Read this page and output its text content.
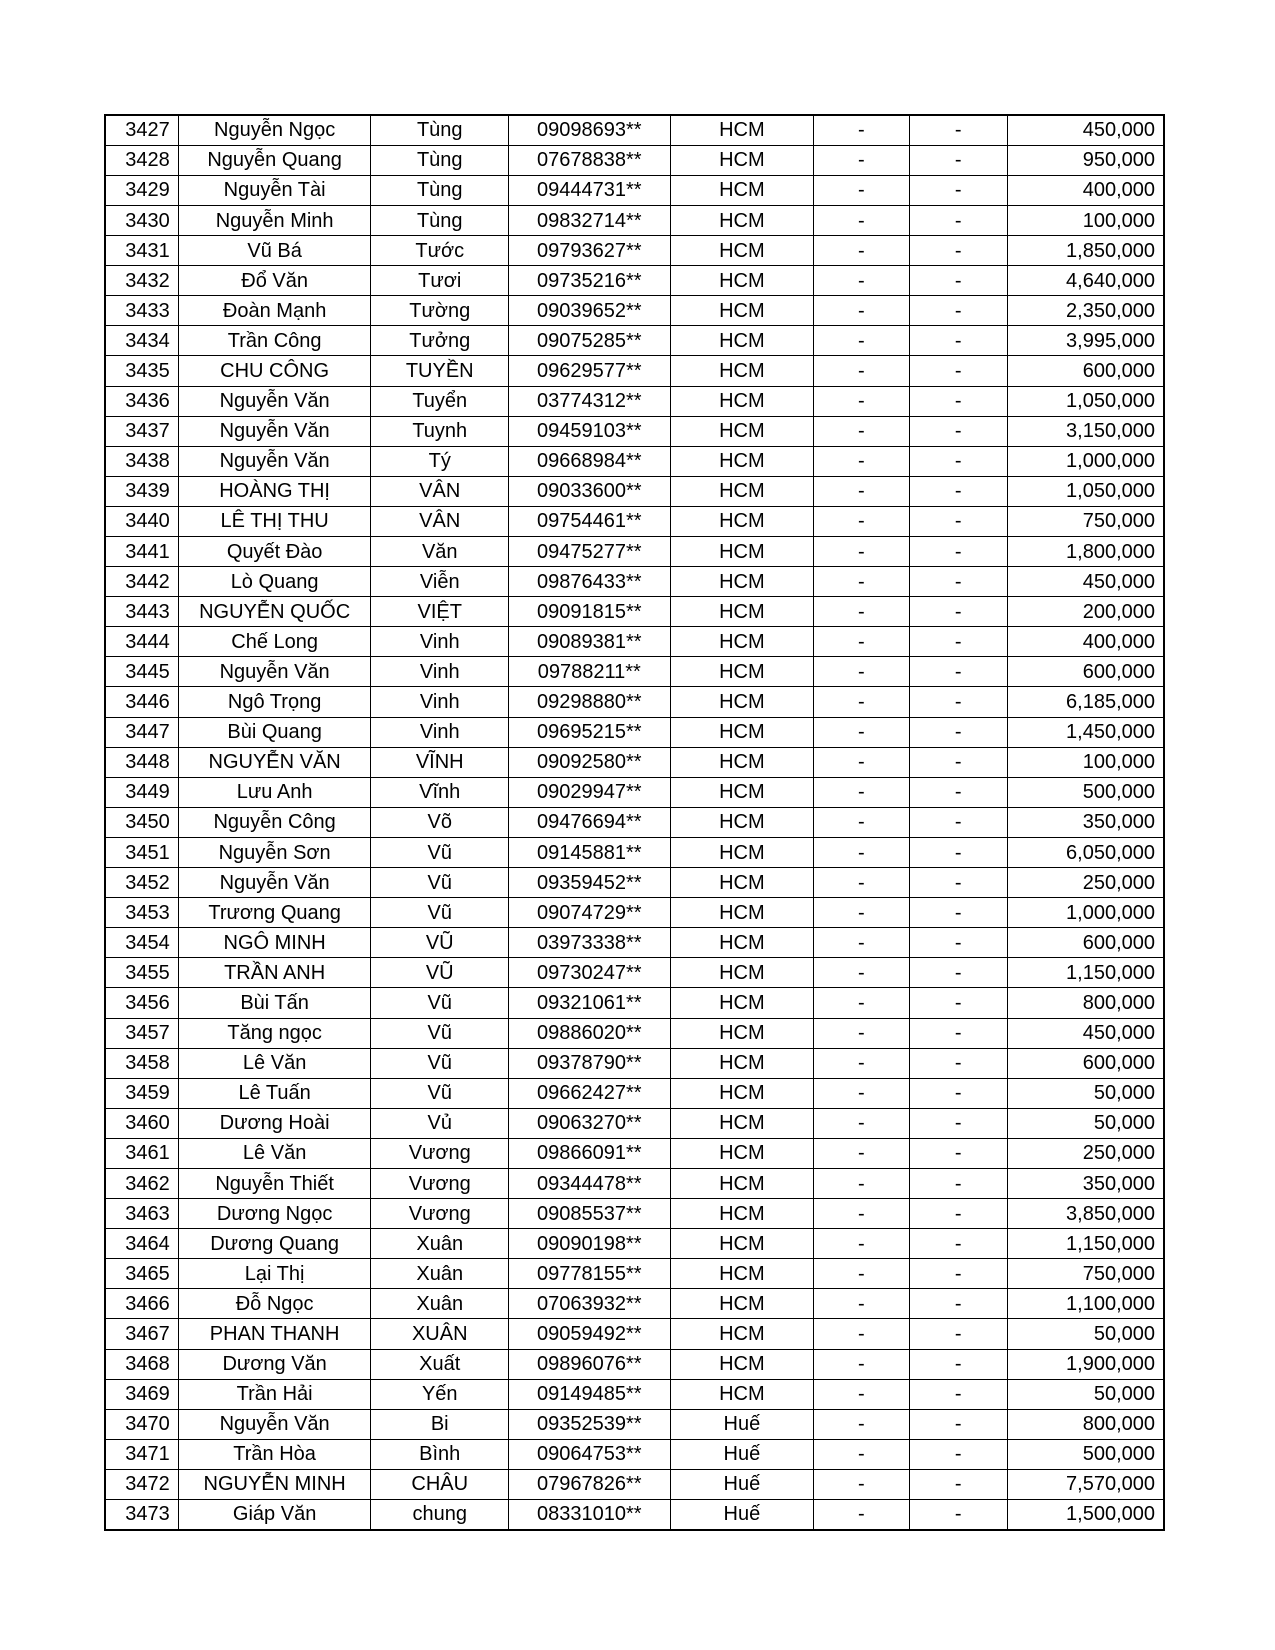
3427	Nguyễn Ngọc	Tùng	09098693**	HCM	-	-	450,000
3428	Nguyễn Quang	Tùng	07678838**	HCM	-	-	950,000
3429	Nguyễn Tài	Tùng	09444731**	HCM	-	-	400,000
3430	Nguyễn Minh	Tùng	09832714**	HCM	-	-	100,000
3431	Vũ Bá	Tước	09793627**	HCM	-	-	1,850,000
3432	Đổ Văn	Tươi	09735216**	HCM	-	-	4,640,000
3433	Đoàn Mạnh	Tường	09039652**	HCM	-	-	2,350,000
3434	Trần Công	Tưởng	09075285**	HCM	-	-	3,995,000
3435	CHU CÔNG	TUYỀN	09629577**	HCM	-	-	600,000
3436	Nguyễn Văn	Tuyển	03774312**	HCM	-	-	1,050,000
3437	Nguyễn Văn	Tuynh	09459103**	HCM	-	-	3,150,000
3438	Nguyễn Văn	Tý	09668984**	HCM	-	-	1,000,000
3439	HOÀNG THỊ	VÂN	09033600**	HCM	-	-	1,050,000
3440	LÊ THỊ THU	VÂN	09754461**	HCM	-	-	750,000
3441	Quyết Đào	Văn	09475277**	HCM	-	-	1,800,000
3442	Lò Quang	Viễn	09876433**	HCM	-	-	450,000
3443	NGUYỄN QUỐC	VIỆT	09091815**	HCM	-	-	200,000
3444	Chế Long	Vinh	09089381**	HCM	-	-	400,000
3445	Nguyễn Văn	Vinh	09788211**	HCM	-	-	600,000
3446	Ngô Trọng	Vinh	09298880**	HCM	-	-	6,185,000
3447	Bùi Quang	Vinh	09695215**	HCM	-	-	1,450,000
3448	NGUYỄN VĂN	VĨNH	09092580**	HCM	-	-	100,000
3449	Lưu Anh	Vĩnh	09029947**	HCM	-	-	500,000
3450	Nguyễn Công	Võ	09476694**	HCM	-	-	350,000
3451	Nguyễn Sơn	Vũ	09145881**	HCM	-	-	6,050,000
3452	Nguyễn Văn	Vũ	09359452**	HCM	-	-	250,000
3453	Trương Quang	Vũ	09074729**	HCM	-	-	1,000,000
3454	NGÔ MINH	VŨ	03973338**	HCM	-	-	600,000
3455	TRẦN ANH	VŨ	09730247**	HCM	-	-	1,150,000
3456	Bùi Tấn	Vũ	09321061**	HCM	-	-	800,000
3457	Tăng ngọc	Vũ	09886020**	HCM	-	-	450,000
3458	Lê Văn	Vũ	09378790**	HCM	-	-	600,000
3459	Lê Tuấn	Vũ	09662427**	HCM	-	-	50,000
3460	Dương Hoài	Vủ	09063270**	HCM	-	-	50,000
3461	Lê Văn	Vương	09866091**	HCM	-	-	250,000
3462	Nguyễn Thiết	Vương	09344478**	HCM	-	-	350,000
3463	Dương Ngọc	Vương	09085537**	HCM	-	-	3,850,000
3464	Dương Quang	Xuân	09090198**	HCM	-	-	1,150,000
3465	Lại Thị	Xuân	09778155**	HCM	-	-	750,000
3466	Đỗ Ngọc	Xuân	07063932**	HCM	-	-	1,100,000
3467	PHAN THANH	XUÂN	09059492**	HCM	-	-	50,000
3468	Dương Văn	Xuất	09896076**	HCM	-	-	1,900,000
3469	Trần Hải	Yến	09149485**	HCM	-	-	50,000
3470	Nguyễn Văn	Bi	09352539**	Huế	-	-	800,000
3471	Trần Hòa	Bình	09064753**	Huế	-	-	500,000
3472	NGUYỄN MINH	CHÂU	07967826**	Huế	-	-	7,570,000
3473	Giáp Văn	chung	08331010**	Huế	-	-	1,500,000
